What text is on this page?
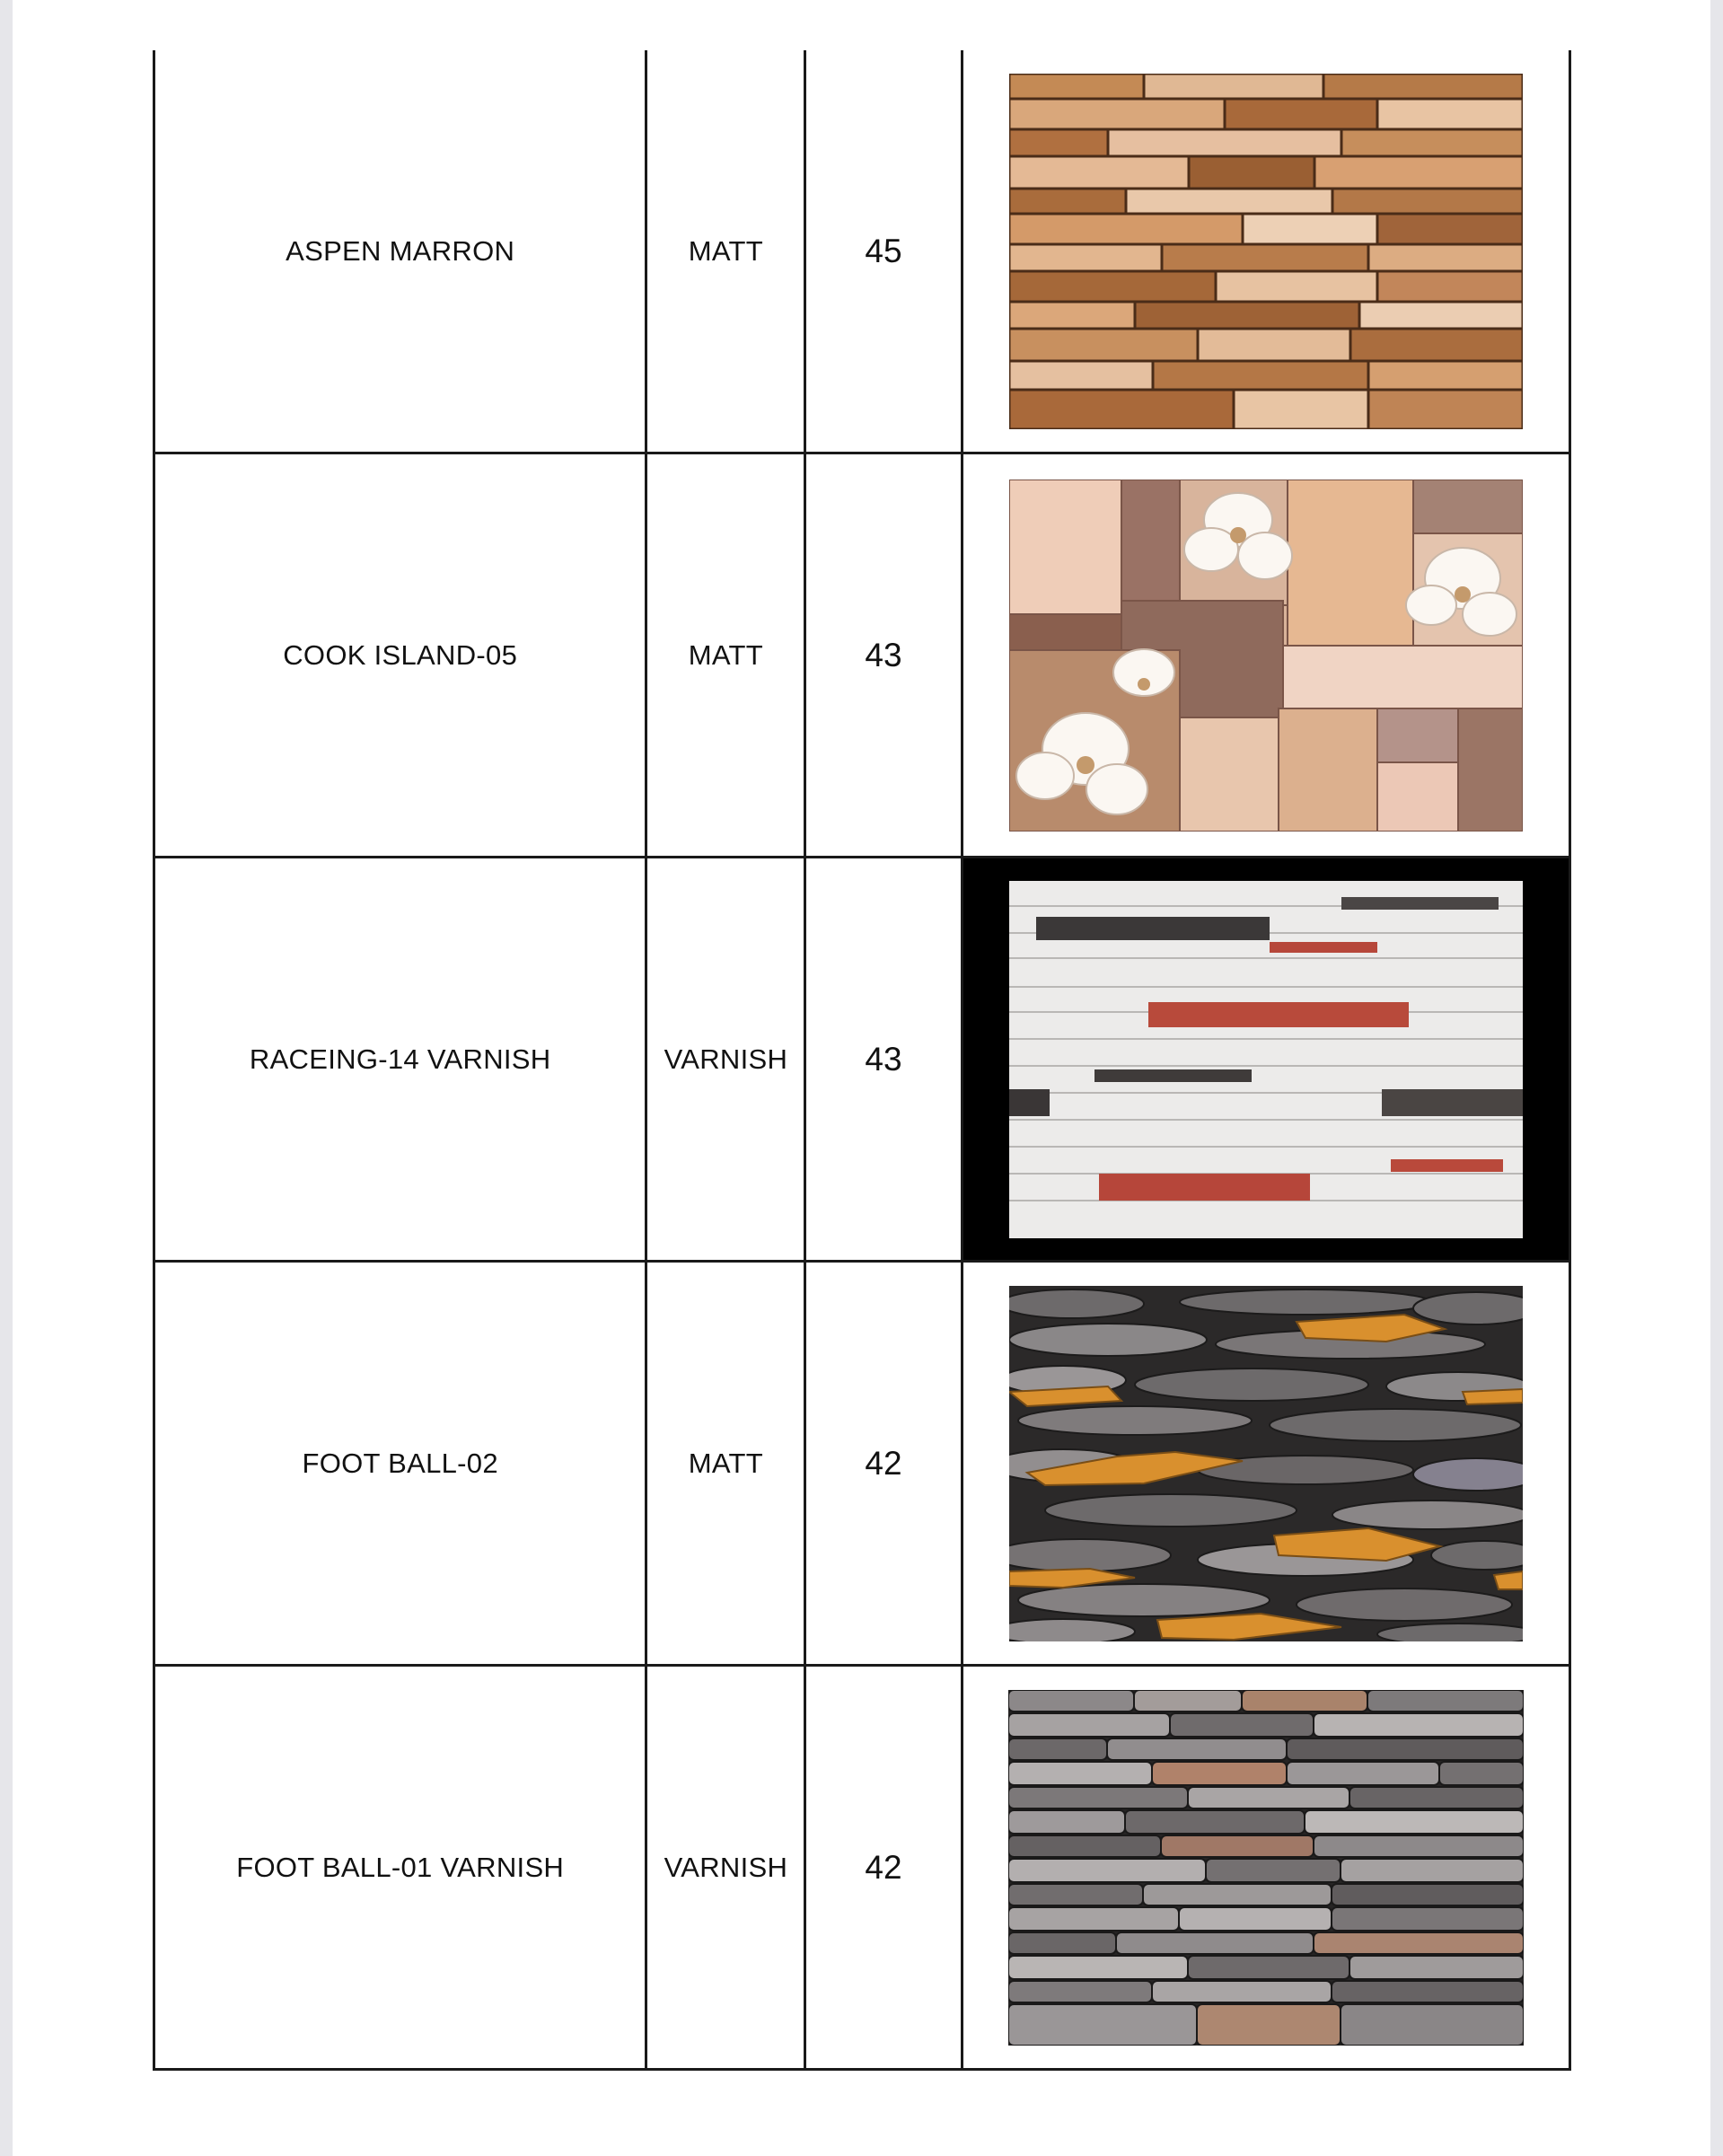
ASPEN MARRON	MATT	45	

COOK ISLAND-05	MATT	43	

RACEING-14 VARNISH	VARNISH	43	

FOOT BALL-02	MATT	42	

FOOT BALL-01 VARNISH	VARNISH	42	
